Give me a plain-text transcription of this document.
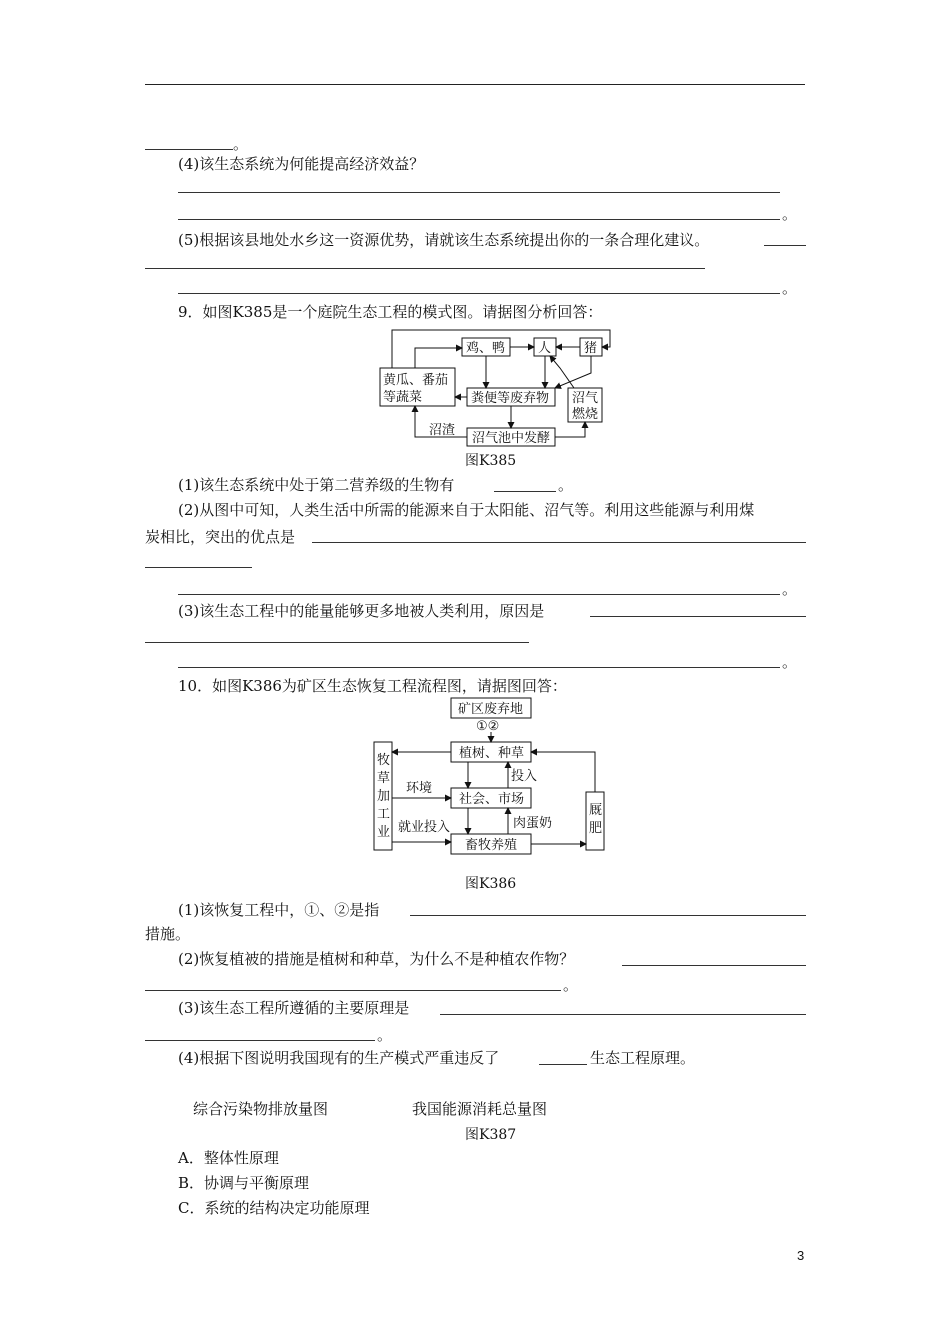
。
(4)该生态系统为何能提高经济效益？
。
(5)根据该县地处水乡这一资源优势，请就该生态系统提出你的一条合理化建议。
。
9．如图K385是一个庭院生态工程的模式图。请据图分析回答：
黄瓜、番茄
等蔬菜
鸡、鸭	人	猪
粪便等废弃物 沼气
燃烧
沼气池中发酵
沼渣
图K385
(1)该生态系统中处于第二营养级的生物有	。
(2)从图中可知，人类生活中所需的能源来自于太阳能、沼气等。利用这些能源与利用煤
炭相比，突出的优点是
。
(3)该生态工程中的能量能够更多地被人类利用，原因是
。
10．如图K386为矿区生态恢复工程流程图，请据图回答：
矿区废弃地
①②
植树、种草
社会、市场
畜牧养殖
环境
投入
就业投入	肉蛋奶
牧草加工业
厩肥
图K386
(1)该恢复工程中，①、②是指
措施。
(2)恢复植被的措施是植树和种草，为什么不是种植农作物？
。
(3)该生态工程所遵循的主要原理是
。
(4)根据下图说明我国现有的生产模式严重违反了	生态工程原理。
综合污染物排放量图	我国能源消耗总量图
图K387
A．整体性原理
B．协调与平衡原理
C．系统的结构决定功能原理
3
